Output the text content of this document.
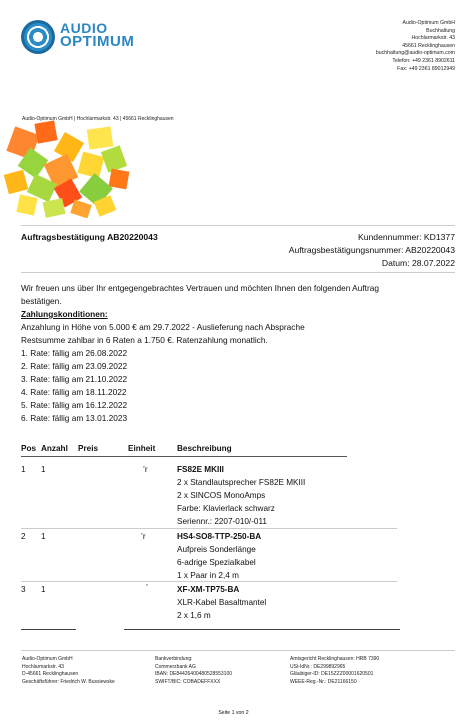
AUDIO
OPTIMUM
Audio-Optimum GmbH
Buchhaltung
Hochlarmarkstr. 43
45661 Recklinghausen
buchhaltung@audio-optimum.com
Telefon: +49 2361 8902611
Fax: +49 2361 89012949
Audio-Optimum GmbH | Hochlarmarkstr. 43 | 45661 Recklinghausen
Auftragsbestätigung AB20220043	Kundennummer: KD1377
Auftragsbestätigungsnummer: AB20220043
Datum: 28.07.2022
Wir freuen uns über Ihr entgegengebrachtes Vertrauen und möchten Ihnen den folgenden Auftrag
bestätigen.
Zahlungskonditionen:
Anzahlung in Höhe von 5.000 € am 29.7.2022 - Auslieferung nach Absprache
Restsumme zahlbar in 6 Raten a 1.750 €. Ratenzahlung monatlich.
1. Rate: fällig am 26.08.2022
2. Rate: fällig am 23.09.2022
3. Rate: fällig am 21.10.2022
4. Rate: fällig am 18.11.2022
5. Rate: fällig am 16.12.2022
6. Rate: fällig am 13.01.2023
Pos Anzahl Preis	Einheit	Beschreibung
1 1	’r	FS82E MKIII
2 x Standlautsprecher FS82E MKIII
2 x SINCOS MonoAmps
Farbe: Klavierlack schwarz
Seriennr.: 2207-010/-011
2 1	’r	HS4-SO8-TTP-250-BA
Aufpreis Sonderlänge
6-adrige Spezialkabel
1 x Paar in 2,4 m
3 1	’	XF-XM-TP75-BA
XLR-Kabel Basaltmantel
2 x 1,6 m
Audio-Optimum GmbH
Hochlarmarkstr. 43
D-45661 Recklinghausen
Geschäftsführer: Friedrich W. Bussiewske
Bankverbindung:
Commerzbank AG
IBAN: DE84426400480528553100
SWIFT/BIC: COBADEFFXXX
Amtsgericht Recklinghausen: HRB 7390
USt-IdNr.: DE299892965
Gläubiger-ID: DE15ZZZ00001620501
WEEE-Reg.-Nr.: DE21166150
Seite 1 von 2
